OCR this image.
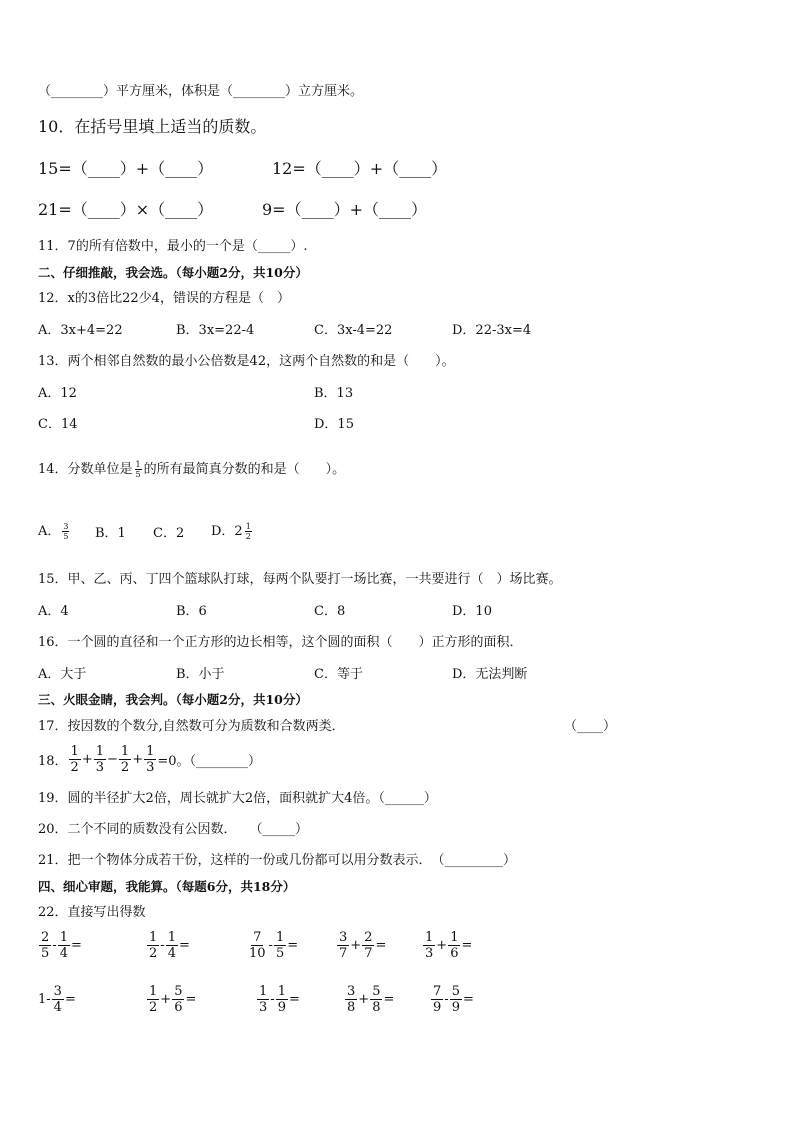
（________）平方厘米，体积是（________）立方厘米。
10．在括号里填上适当的质数。
15=（____）+（____）	12=（____）+（____）
21=（____）×（____）	9=（____）+（____）
11．7的所有倍数中，最小的一个是（_____）.
二、仔细推敲，我会选。（每小题2分，共10分）
12．x的3倍比22少4，错误的方程是（　）
A．3x+4=22	B．3x=22-4	C．3x-4=22	D．22-3x=4
13．两个相邻自然数的最小公倍数是42，这两个自然数的和是（　　）。
A．12	B．13
C．14	D．15
14．分数单位是 $\frac{1}{5}$ 的所有最简真分数的和是（　　）。
A． $\frac{3}{5}$ B．1 C．2 D．$2 \frac{1}{2}$
15．甲、乙、丙、丁四个篮球队打球，每两个队要打一场比赛，一共要进行（　）场比赛。
A．4	B．6	C．8	D．10
16．一个圆的直径和一个正方形的边长相等，这个圆的面积（　　）正方形的面积．
A．大于	B．小于	C．等于	D．无法判断
三、火眼金睛，我会判。（每小题2分，共10分）
17．按因数的个数分,自然数可分为质数和合数两类．	（____）
18． $\frac{1}{2} + \frac{1}{3} - \frac{1}{2} + \frac{1}{3} =0$。（________）
19．圆的半径扩大2倍，周长就扩大2倍，面积就扩大4倍。（______）
20．二个不同的质数没有公因数．　　（_____）
21．把一个物体分成若干份，这样的一份或几份都可以用分数表示．　（_________）
四、细心审题，我能算。（每题6分，共18分）
22．直接写出得数
$\frac{2}{5} - \frac{1}{4}$ =	$\frac{1}{2} - \frac{1}{4}$ =	$\frac{7}{10} - \frac{1}{5}$ =	$\frac{3}{7} + \frac{2}{7}$ =	$\frac{1}{3} + \frac{1}{6}$ =
$1- \frac{3}{4}$ =	$\frac{1}{2} + \frac{5}{6}$ =	$\frac{1}{3} - \frac{1}{9}$ =	$\frac{3}{8} + \frac{5}{8}$ =	$\frac{7}{9} - \frac{5}{9}$ =
